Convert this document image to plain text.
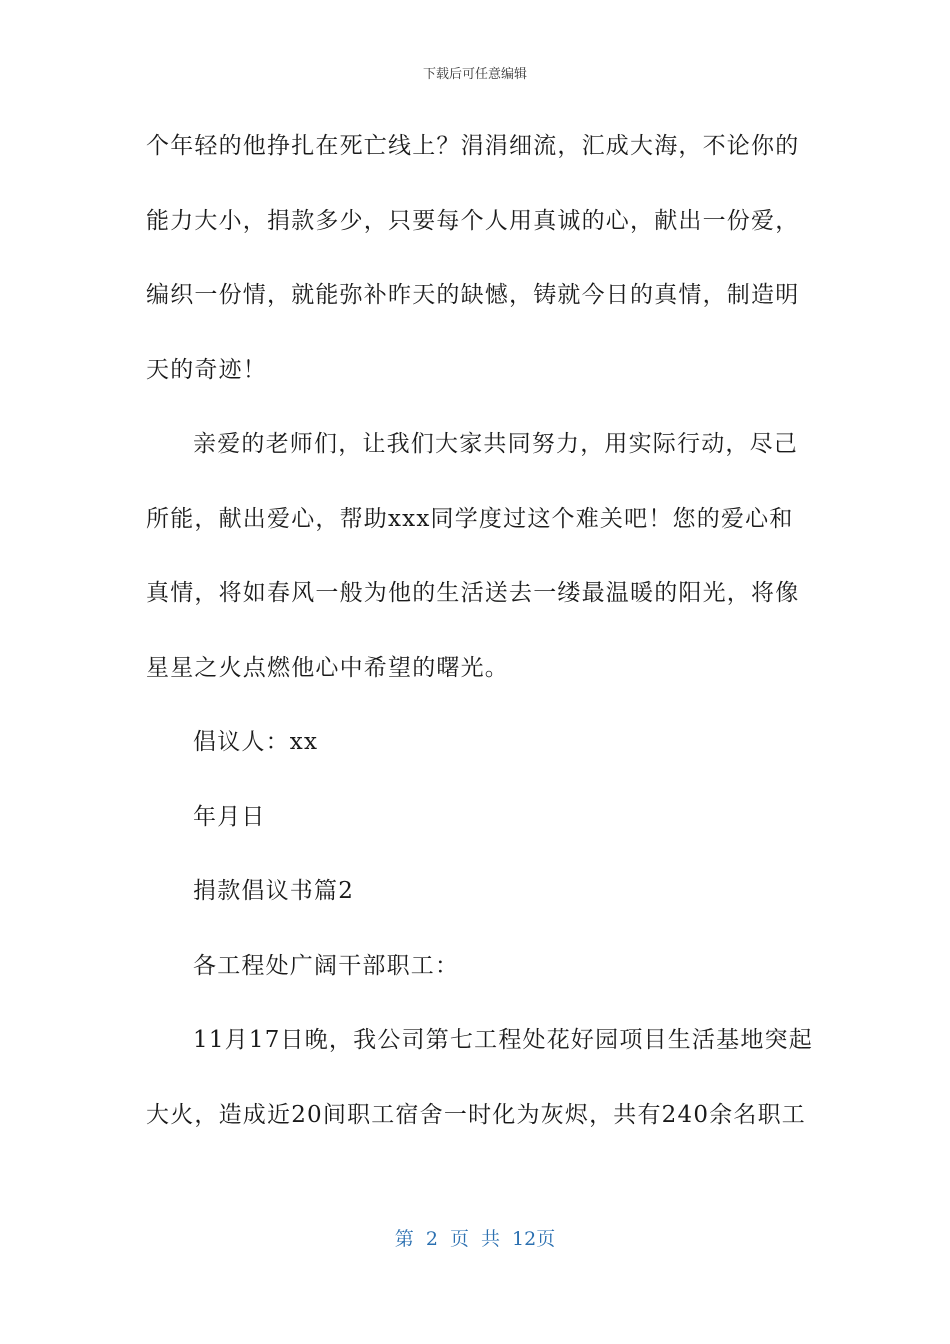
下载后可任意编辑
个年轻的他挣扎在死亡线上？涓涓细流，汇成大海，不论你的
能力大小，捐款多少，只要每个人用真诚的心，献出一份爱，
编织一份情，就能弥补昨天的缺憾，铸就今日的真情，制造明
天的奇迹！
亲爱的老师们，让我们大家共同努力，用实际行动，尽己
所能，献出爱心，帮助xxx同学度过这个难关吧！您的爱心和
真情，将如春风一般为他的生活送去一缕最温暖的阳光，将像
星星之火点燃他心中希望的曙光。
倡议人：xx
年月日
捐款倡议书篇2
各工程处广阔干部职工：
11月17日晚，我公司第七工程处花好园项目生活基地突起
大火，造成近20间职工宿舍一时化为灰烬，共有240余名职工
第 2 页 共 12页
